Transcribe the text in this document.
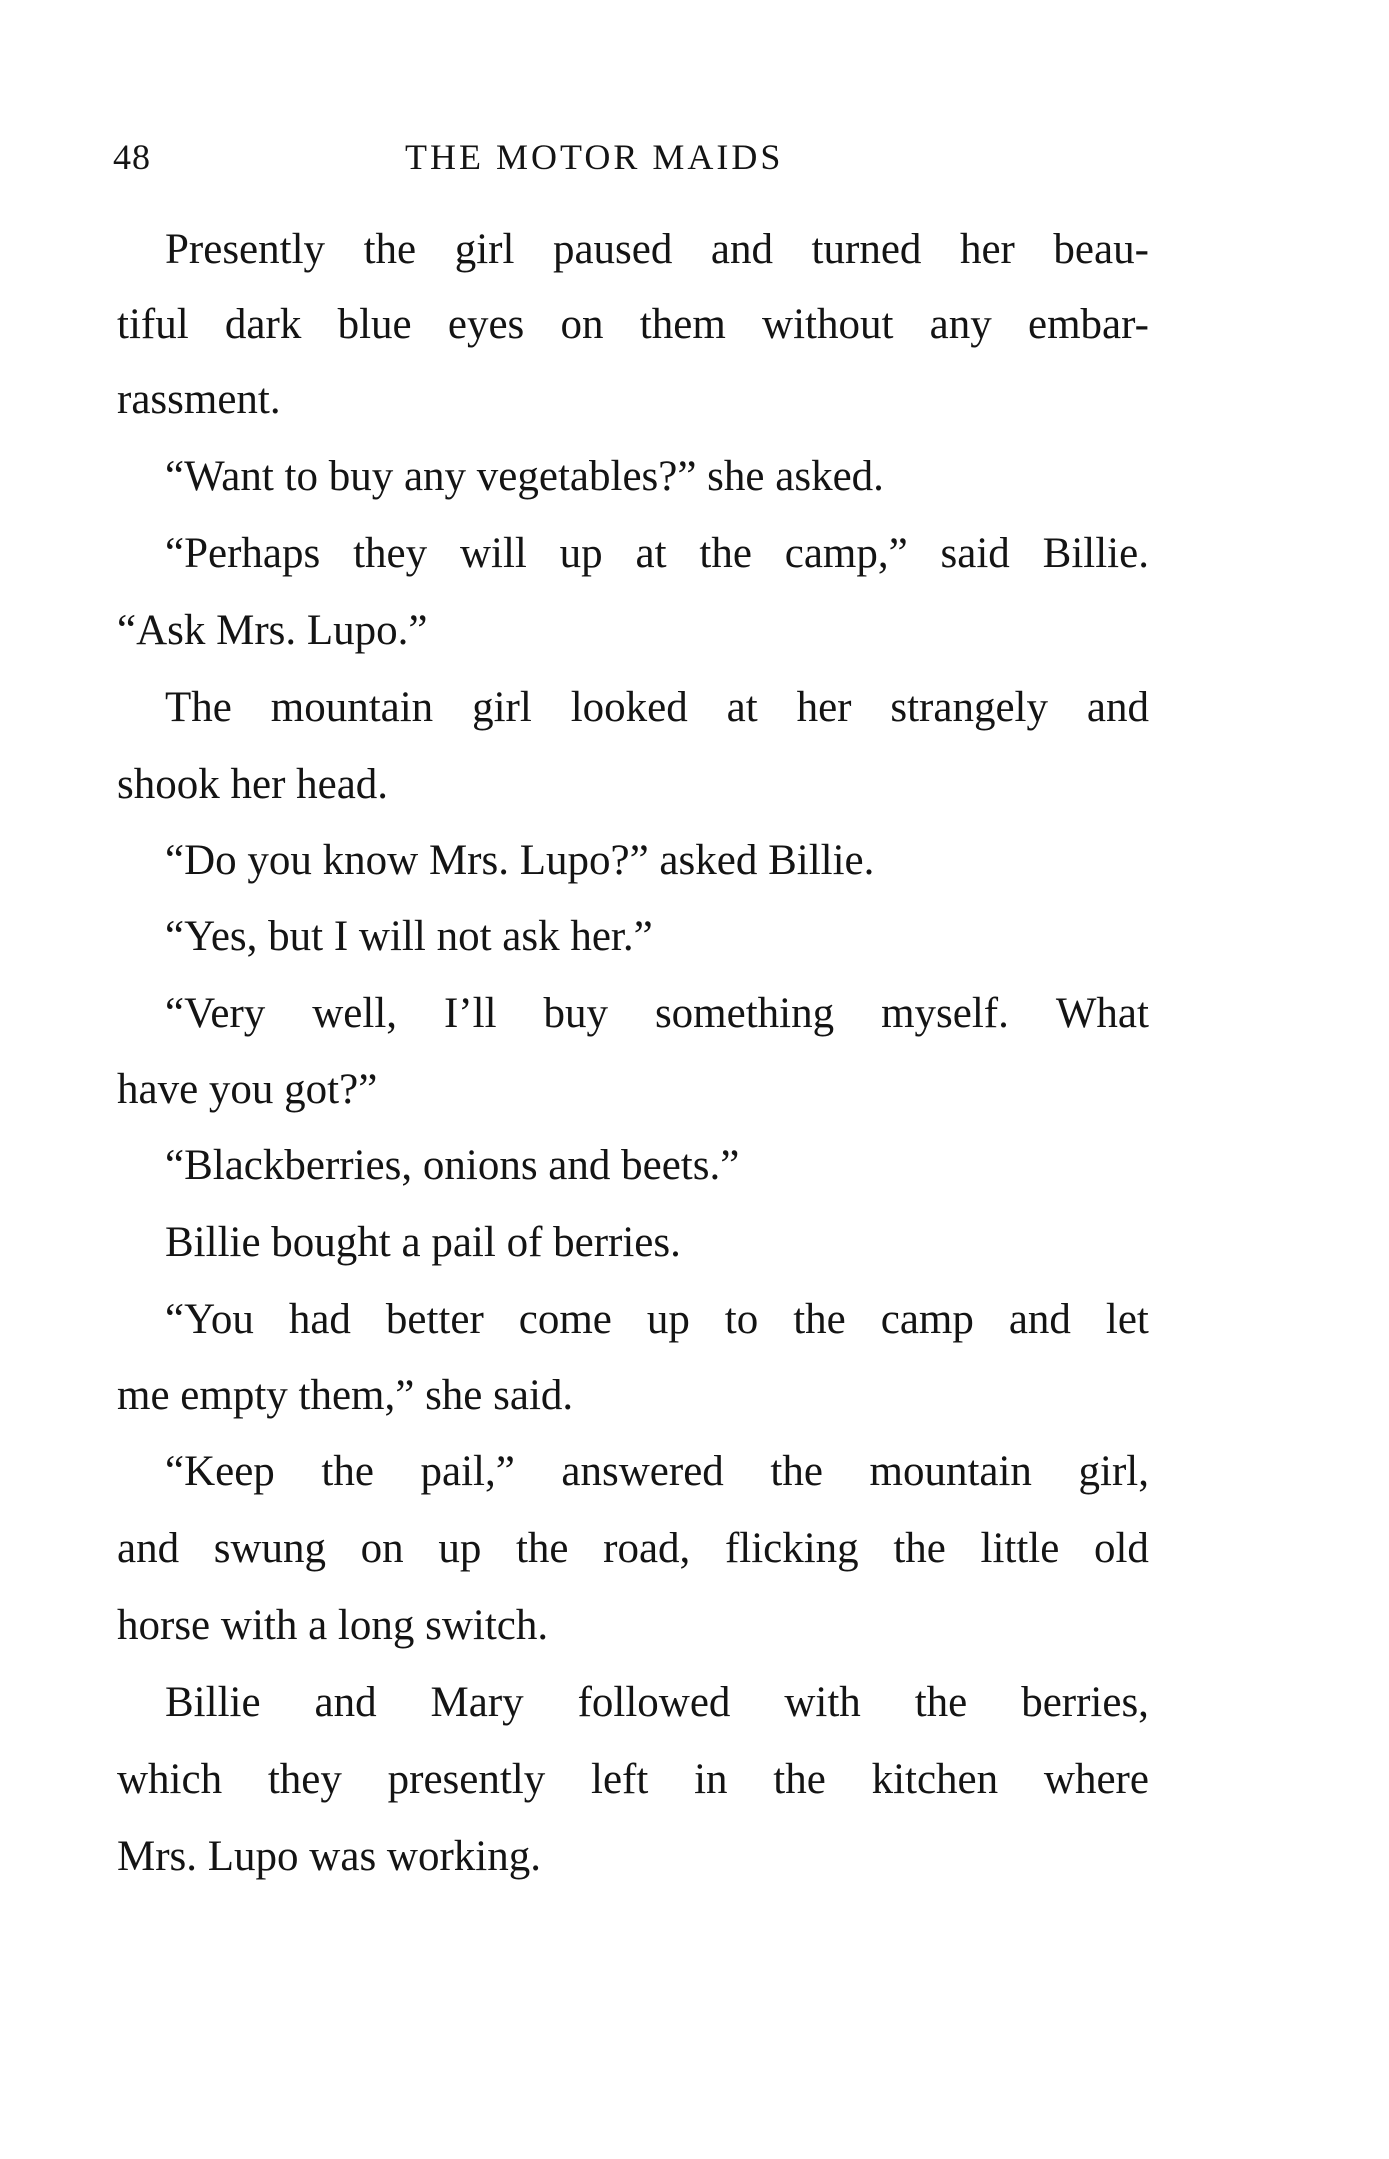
48	THE MOTOR MAIDS
Presently the girl paused and turned her beau-
tiful dark blue eyes on them without any embar-
rassment.
“Want to buy any vegetables?” she asked.
“Perhaps they will up at the camp,” said Billie.
“Ask Mrs. Lupo.”
The mountain girl looked at her strangely and
shook her head.
“Do you know Mrs. Lupo?” asked Billie.
“Yes, but I will not ask her.”
“Very well, I’ll buy something myself. What
have you got?”
“Blackberries, onions and beets.”
Billie bought a pail of berries.
“You had better come up to the camp and let
me empty them,” she said.
“Keep the pail,” answered the mountain girl,
and swung on up the road, flicking the little old
horse with a long switch.
Billie and Mary followed with the berries,
which they presently left in the kitchen where
Mrs. Lupo was working.
